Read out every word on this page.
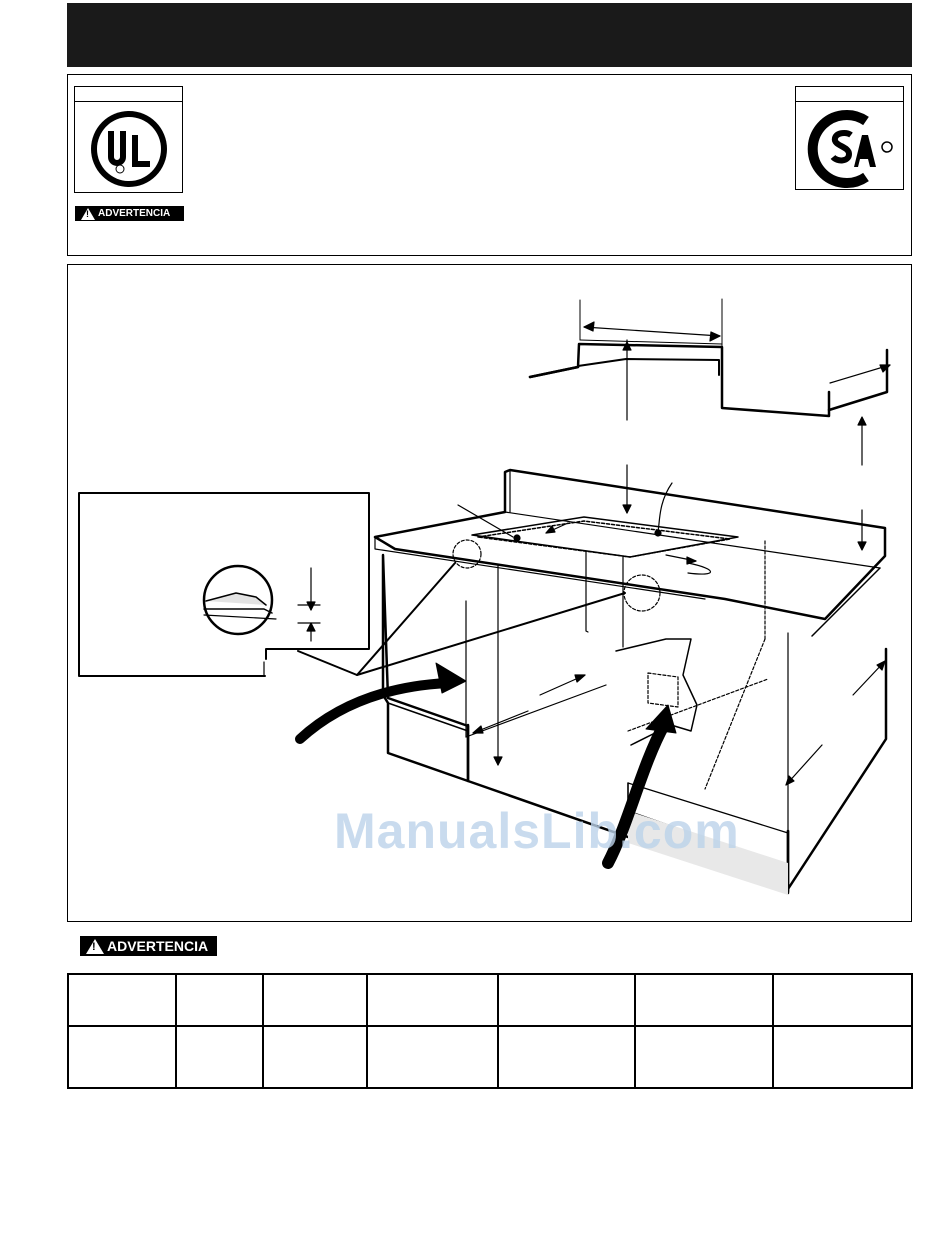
! ADVERTENCIA
ManualsLib.com
! ADVERTENCIA
